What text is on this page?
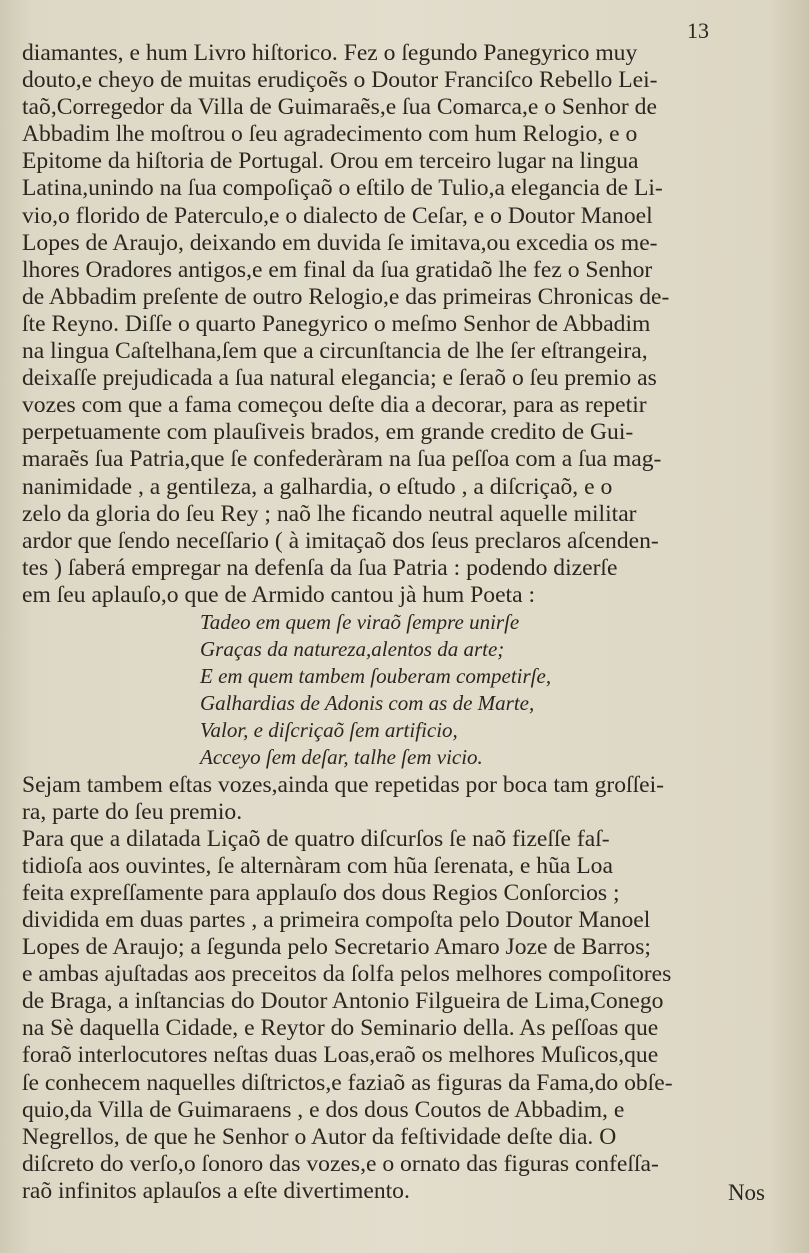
13
diamantes, e hum Livro hiſtorico. Fez o ſegundo Panegyrico muy
douto,e cheyo de muitas erudiçoẽs o Doutor Franciſco Rebello Lei-
taõ,Corregedor da Villa de Guimaraẽs,e ſua Comarca,e o Senhor de
Abbadim lhe moſtrou o ſeu agradecimento com hum Relogio, e o
Epitome da hiſtoria de Portugal. Orou em terceiro lugar na lingua
Latina,unindo na ſua compoſiçaõ o eſtilo de Tulio,a elegancia de Li-
vio,o florido de Paterculo,e o dialecto de Ceſar, e o Doutor Manoel
Lopes de Araujo, deixando em duvida ſe imitava,ou excedia os me-
lhores Oradores antigos,e em final da ſua gratidaõ lhe fez o Senhor
de Abbadim preſente de outro Relogio,e das primeiras Chronicas de-
ſte Reyno. Diſſe o quarto Panegyrico o meſmo Senhor de Abbadim
na lingua Caſtelhana,ſem que a circunſtancia de lhe ſer eſtrangeira,
deixaſſe prejudicada a ſua natural elegancia; e ſeraõ o ſeu premio as
vozes com que a fama começou deſte dia a decorar, para as repetir
perpetuamente com plauſiveis brados, em grande credito de Gui-
maraẽs ſua Patria,que ſe confederàram na ſua peſſoa com a ſua mag-
nanimidade , a gentileza, a galhardia, o eſtudo , a diſcriçaõ, e o
zelo da gloria do ſeu Rey ; naõ lhe ficando neutral aquelle militar
ardor que ſendo neceſſario ( à imitaçaõ dos ſeus preclaros aſcenden-
tes ) ſaberá empregar na defenſa da ſua Patria : podendo dizerſe
em ſeu aplauſo,o que de Armido cantou jà hum Poeta :
Tadeo em quem ſe viraõ ſempre unirſe
Graças da natureza,alentos da arte;
E em quem tambem ſouberam competirſe,
Galhardias de Adonis com as de Marte,
Valor, e diſcriçaõ ſem artificio,
Acceyo ſem deſar, talhe ſem vicio.
Sejam tambem eſtas vozes,ainda que repetidas por boca tam groſſei-
ra, parte do ſeu premio.
Para que a dilatada Liçaõ de quatro diſcurſos ſe naõ fizeſſe faſ-
tidioſa aos ouvintes, ſe alternàram com hũa ſerenata, e hũa Loa
feita expreſſamente para applauſo dos dous Regios Conſorcios ;
dividida em duas partes , a primeira compoſta pelo Doutor Manoel
Lopes de Araujo; a ſegunda pelo Secretario Amaro Joze de Barros;
e ambas ajuſtadas aos preceitos da ſolfa pelos melhores compoſitores
de Braga, a inſtancias do Doutor Antonio Filgueira de Lima,Conego
na Sè daquella Cidade, e Reytor do Seminario della. As peſſoas que
foraõ interlocutores neſtas duas Loas,eraõ os melhores Muſicos,que
ſe conhecem naquelles diſtrictos,e faziaõ as figuras da Fama,do obſe-
quio,da Villa de Guimaraens , e dos dous Coutos de Abbadim, e
Negrellos, de que he Senhor o Autor da feſtividade deſte dia. O
diſcreto do verſo,o ſonoro das vozes,e o ornato das figuras confeſſa-
raõ infinitos aplauſos a eſte divertimento.	Nos
